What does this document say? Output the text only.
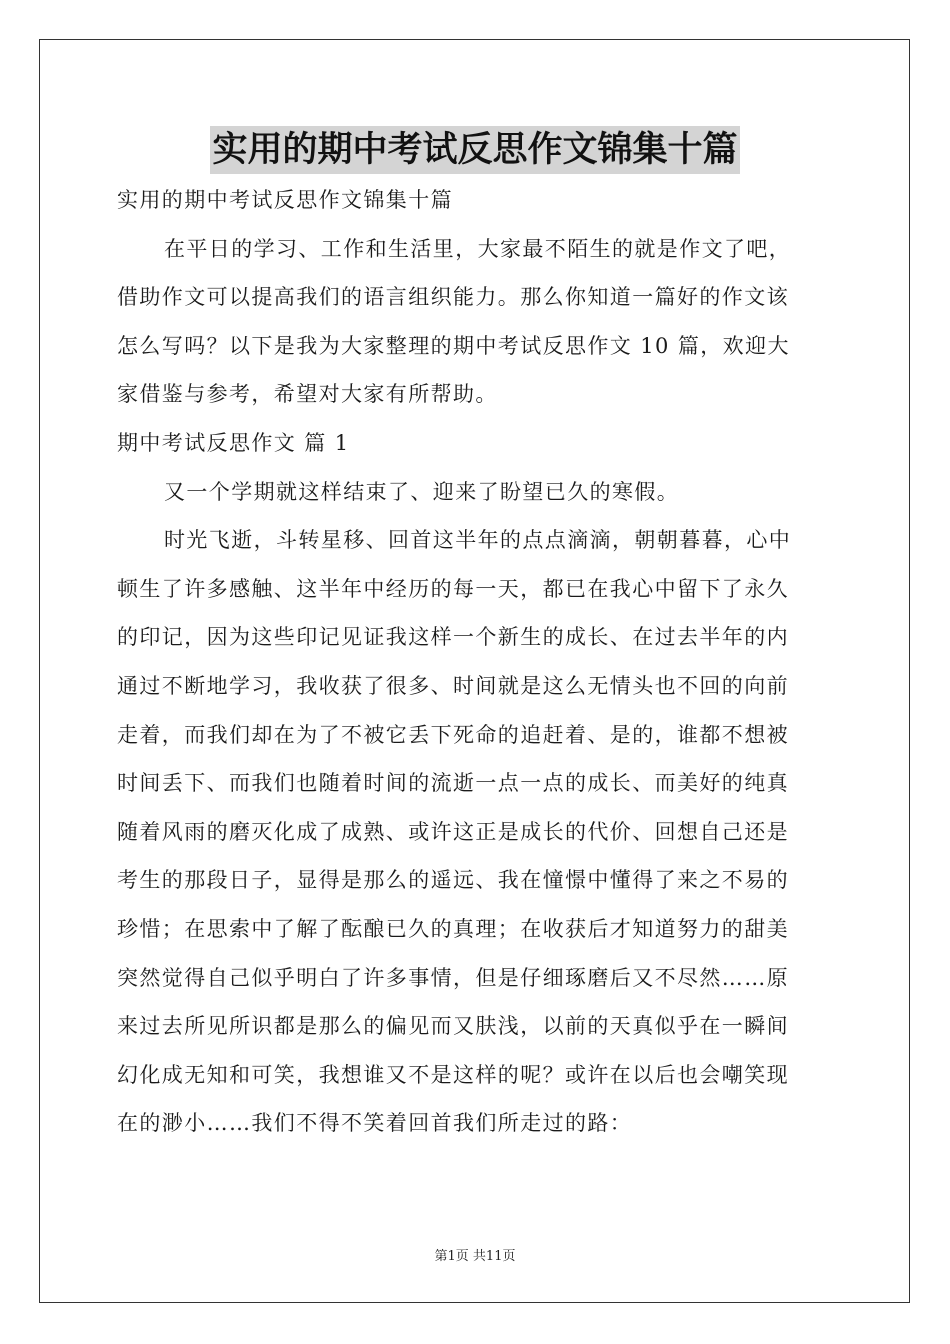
实用的期中考试反思作文锦集十篇
实用的期中考试反思作文锦集十篇
在平日的学习、工作和生活里，大家最不陌生的就是作文了吧，
借助作文可以提高我们的语言组织能力。那么你知道一篇好的作文该
怎么写吗？以下是我为大家整理的期中考试反思作文 10 篇，欢迎大
家借鉴与参考，希望对大家有所帮助。
期中考试反思作文 篇 1
又一个学期就这样结束了、迎来了盼望已久的寒假。
时光飞逝，斗转星移、回首这半年的点点滴滴，朝朝暮暮，心中
顿生了许多感触、这半年中经历的每一天，都已在我心中留下了永久
的印记，因为这些印记见证我这样一个新生的成长、在过去半年的内
通过不断地学习，我收获了很多、时间就是这么无情头也不回的向前
走着，而我们却在为了不被它丢下死命的追赶着、是的，谁都不想被
时间丢下、而我们也随着时间的流逝一点一点的成长、而美好的纯真
随着风雨的磨灭化成了成熟、或许这正是成长的代价、回想自己还是
考生的那段日子，显得是那么的遥远、我在憧憬中懂得了来之不易的
珍惜；在思索中了解了酝酿已久的真理；在收获后才知道努力的甜美
突然觉得自己似乎明白了许多事情，但是仔细琢磨后又不尽然……原
来过去所见所识都是那么的偏见而又肤浅，以前的天真似乎在一瞬间
幻化成无知和可笑，我想谁又不是这样的呢？或许在以后也会嘲笑现
在的渺小……我们不得不笑着回首我们所走过的路：
第1页 共11页
